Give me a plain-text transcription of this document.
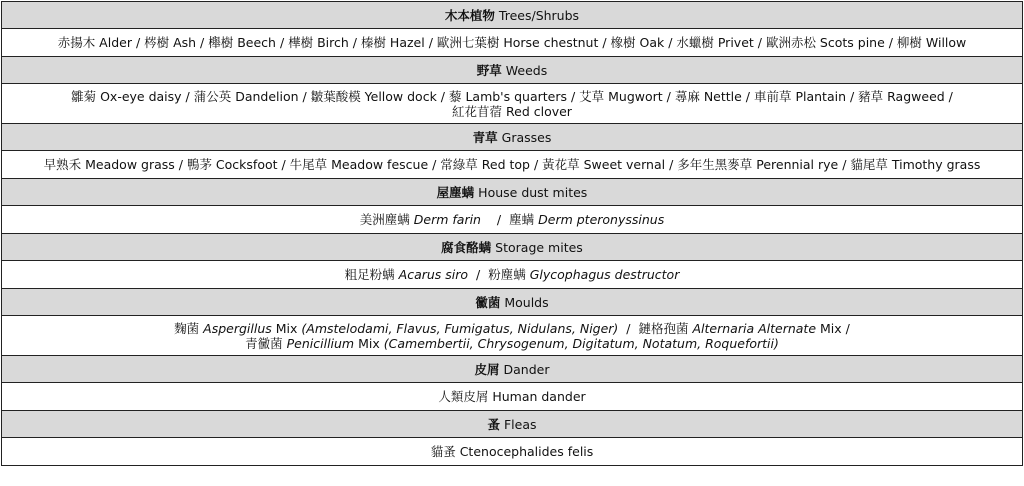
木本植物 Trees/Shrubs
赤揚木 Alder / 梣樹 Ash / 櫸樹 Beech / 樺樹 Birch / 榛樹 Hazel / 歐洲七葉樹 Horse chestnut / 橡樹 Oak / 水蠟樹 Privet / 歐洲赤松 Scots pine / 柳樹 Willow
野草 Weeds
雛菊 Ox-eye daisy / 蒲公英 Dandelion / 皺葉酸模 Yellow dock / 藜 Lamb's quarters / 艾草 Mugwort / 蕁麻 Nettle / 車前草 Plantain / 豬草 Ragweed /
紅花苜蓿 Red clover
青草 Grasses
早熟禾 Meadow grass / 鴨茅 Cocksfoot / 牛尾草 Meadow fescue / 常綠草 Red top / 黃花草 Sweet vernal / 多年生黑麥草 Perennial rye / 貓尾草 Timothy grass
屋塵螨 House dust mites
美洲塵螨 Derm farin   / 塵螨 Derm pteronyssinus
腐食酪螨 Storage mites
粗足粉螨 Acarus siro / 粉塵螨 Glycophagus destructor
黴菌 Moulds
麴菌 Aspergillus Mix (Amstelodami, Flavus, Fumigatus, Nidulans, Niger) / 鏈格孢菌 Alternaria Alternate Mix /
青黴菌 Penicillium Mix (Camembertii, Chrysogenum, Digitatum, Notatum, Roquefortii)
皮屑 Dander
人類皮屑 Human dander
蚤 Fleas
貓蚤 Ctenocephalides felis
